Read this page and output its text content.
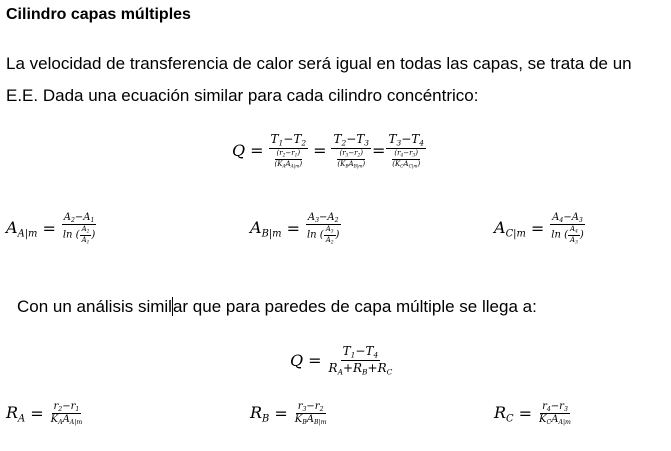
Cilindro capas múltiples
La velocidad de transferencia de calor será igual en todas las capas, se trata de un
E.E. Dada una ecuación similar para cada cilindro concéntrico:
$Q = \frac{T_1-T_2}{\frac{(r_2-r_1)}{(K_AA_{A|m})}} = \frac{T_2-T_3}{\frac{(r_3-r_2)}{(K_BA_{B|m})}} = \frac{T_3-T_4}{\frac{(r_4-r_3)}{(K_CA_{C|m})}}$
$A_{A|m} = \frac{A_2-A_1}{\ln ( \frac{A_2}{A_1} )}$	$A_{B|m} = \frac{A_3-A_2}{\ln ( \frac{A_3}{A_2} )}$	$A_{C|m} = \frac{A_4-A_3}{\ln ( \frac{A_4}{A_3} )}$
Con un análisis similar que para paredes de capa múltiple se llega a:
$Q = \frac{T_1-T_4}{R_A+R_B+R_C}$
$R_A = \frac{r_2-r_1}{K_AA_{A|m}}$	$R_B = \frac{r_3-r_2}{K_BA_{B|m}}$	$R_C = \frac{r_4-r_3}{K_CA_{A|m}}$
